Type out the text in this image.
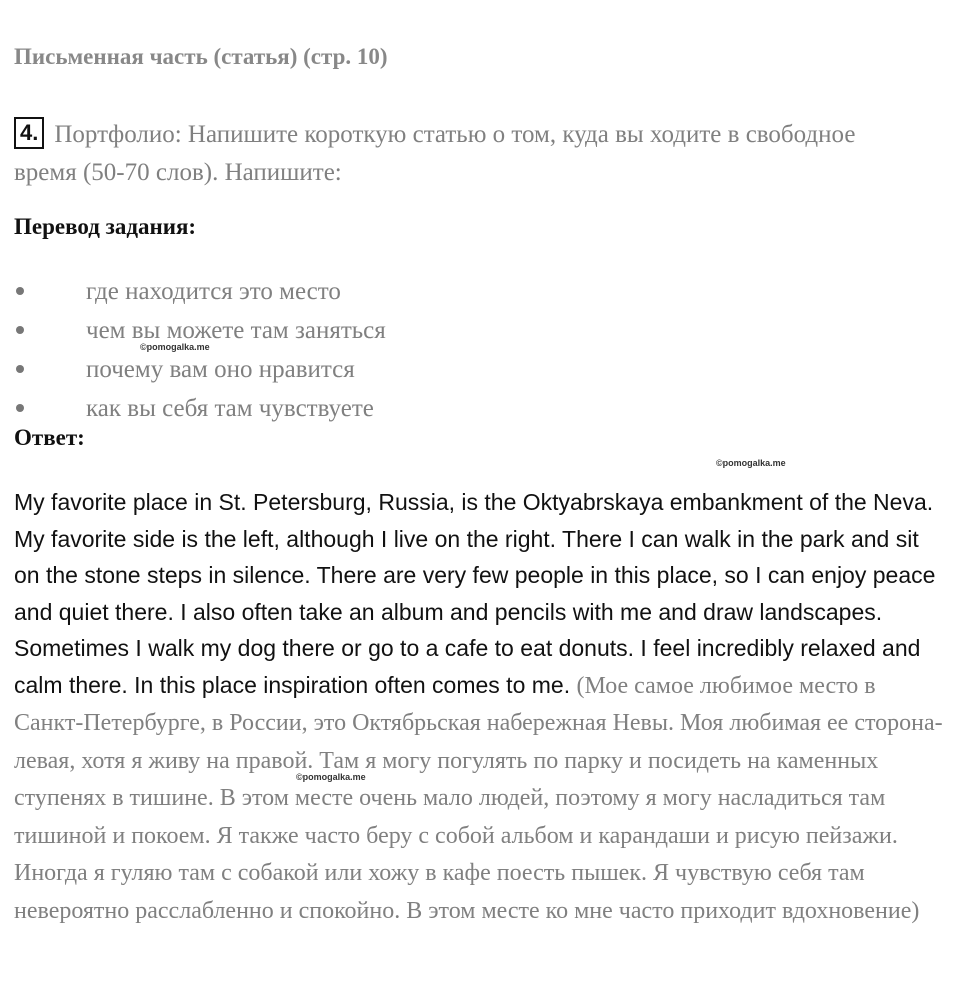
Письменная часть (статья) (стр. 10)
4. Портфолио: Напишите короткую статью о том, куда вы ходите в свободное время (50-70 слов). Напишите:
Перевод задания:
где находится это место
чем вы можете там заняться
почему вам оно нравится
как вы себя там чувствуете
Ответ:

My favorite place in St. Petersburg, Russia, is the Oktyabrskaya embankment of the Neva. My favorite side is the left, although I live on the right. There I can walk in the park and sit on the stone steps in silence. There are very few people in this place, so I can enjoy peace and quiet there. I also often take an album and pencils with me and draw landscapes. Sometimes I walk my dog there or go to a cafe to eat donuts. I feel incredibly relaxed and calm there. In this place inspiration often comes to me. (Мое самое любимое место в Санкт-Петербурге, в России, это Октябрьская набережная Невы. Моя любимая ее сторона-левая, хотя я живу на правой. Там я могу погулять по парку и посидеть на каменных ступенях в тишине. В этом месте очень мало людей, поэтому я могу насладиться там тишиной и покоем. Я также часто беру с собой альбом и карандаши и рисую пейзажи. Иногда я гуляю там с собакой или хожу в кафе поесть пышек. Я чувствую себя там невероятно расслабленно и спокойно. В этом месте ко мне часто приходит вдохновение)

©pomogalka.me
©pomogalka.me
©pomogalka.me
